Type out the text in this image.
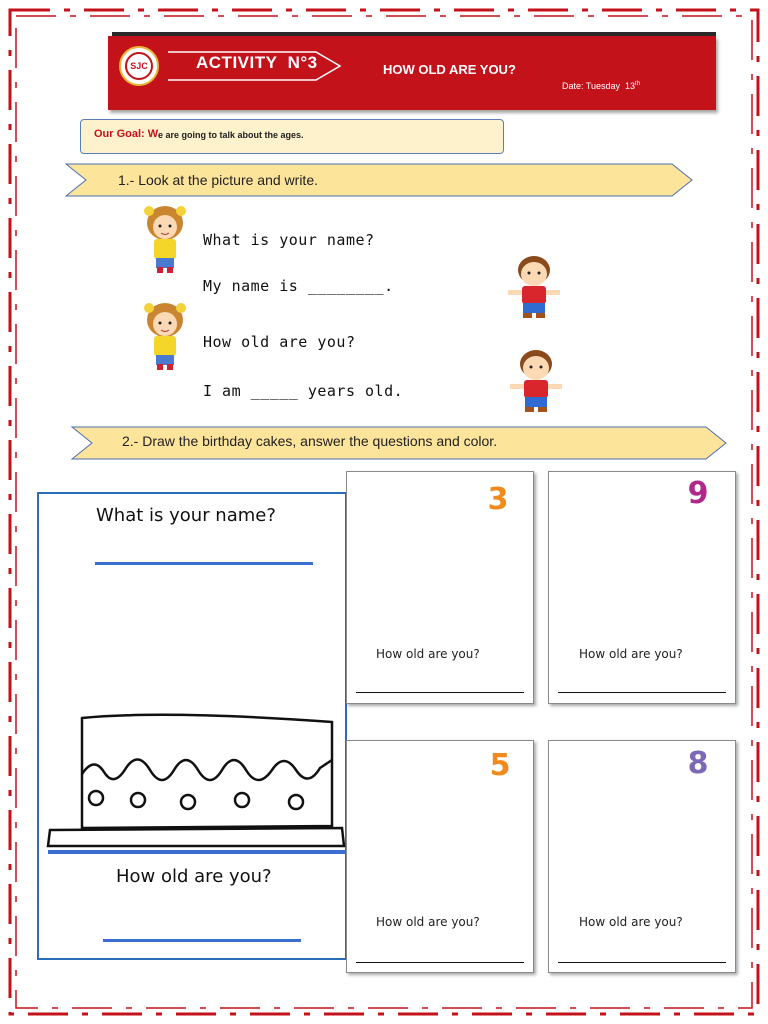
SJC	ACTIVITY  N°3	HOW OLD ARE YOU?
Date: Tuesday  13th
Our Goal: W e are going to talk about the ages.
1.- Look at the picture and write.
What is your name?
My name is ________.
How old are you?
I am _____ years old.
2.- Draw the birthday cakes, answer the questions and color.
What is your name?
How old are you?
3
How old are you?
9
How old are you?
5
How old are you?
8
How old are you?
